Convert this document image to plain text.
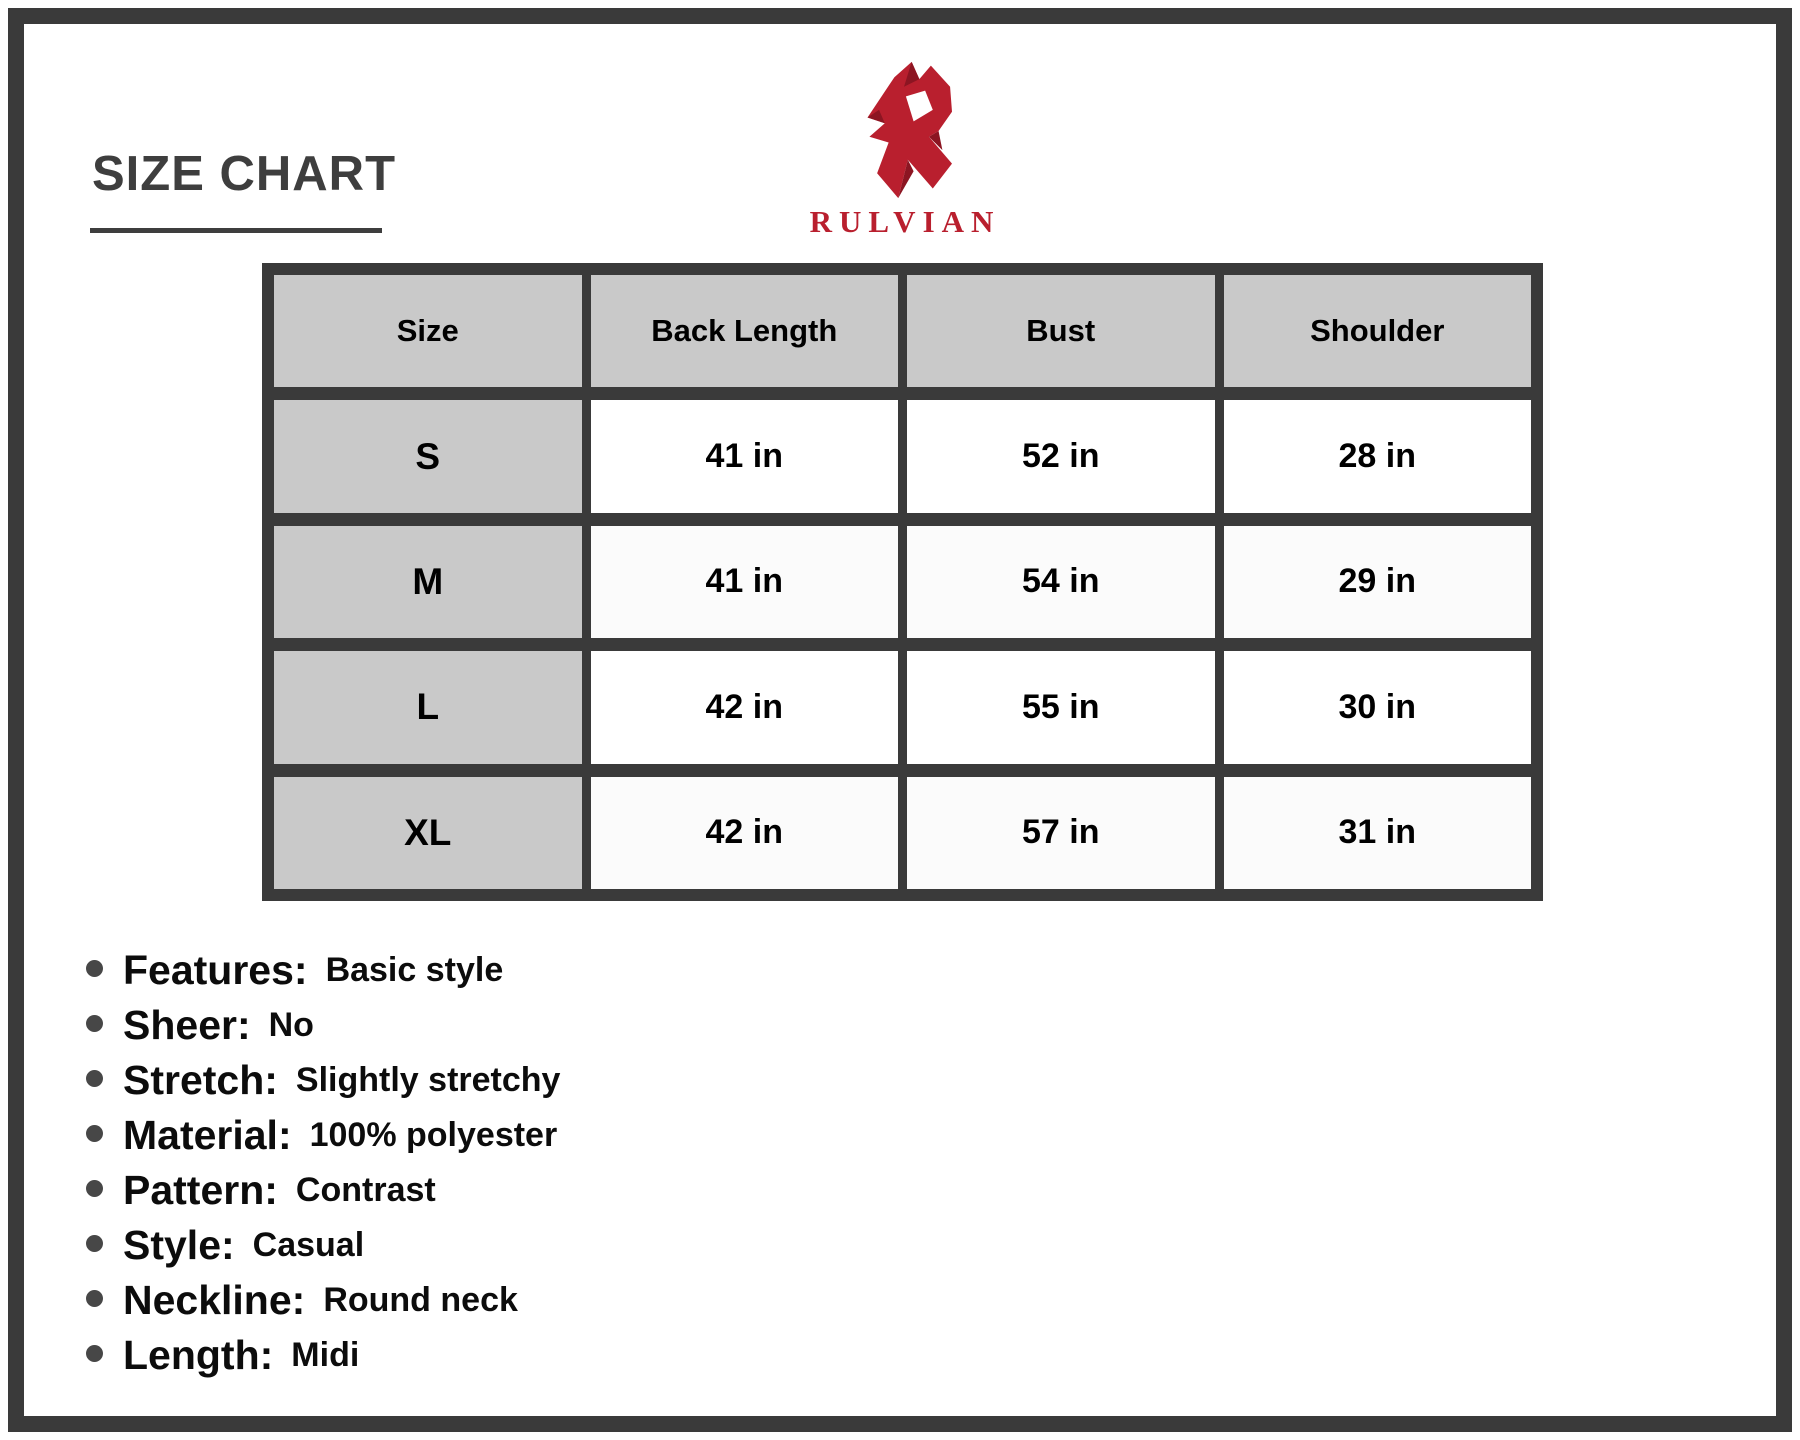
SIZE CHART
RULVIAN
Size	Back Length	Bust	Shoulder
S	41 in	52 in	28 in
M	41 in	54 in	29 in
L	42 in	55 in	30 in
XL	42 in	57 in	31 in
Features: Basic style
Sheer: No
Stretch: Slightly stretchy
Material: 100% polyester
Pattern: Contrast
Style: Casual
Neckline: Round neck
Length: Midi
